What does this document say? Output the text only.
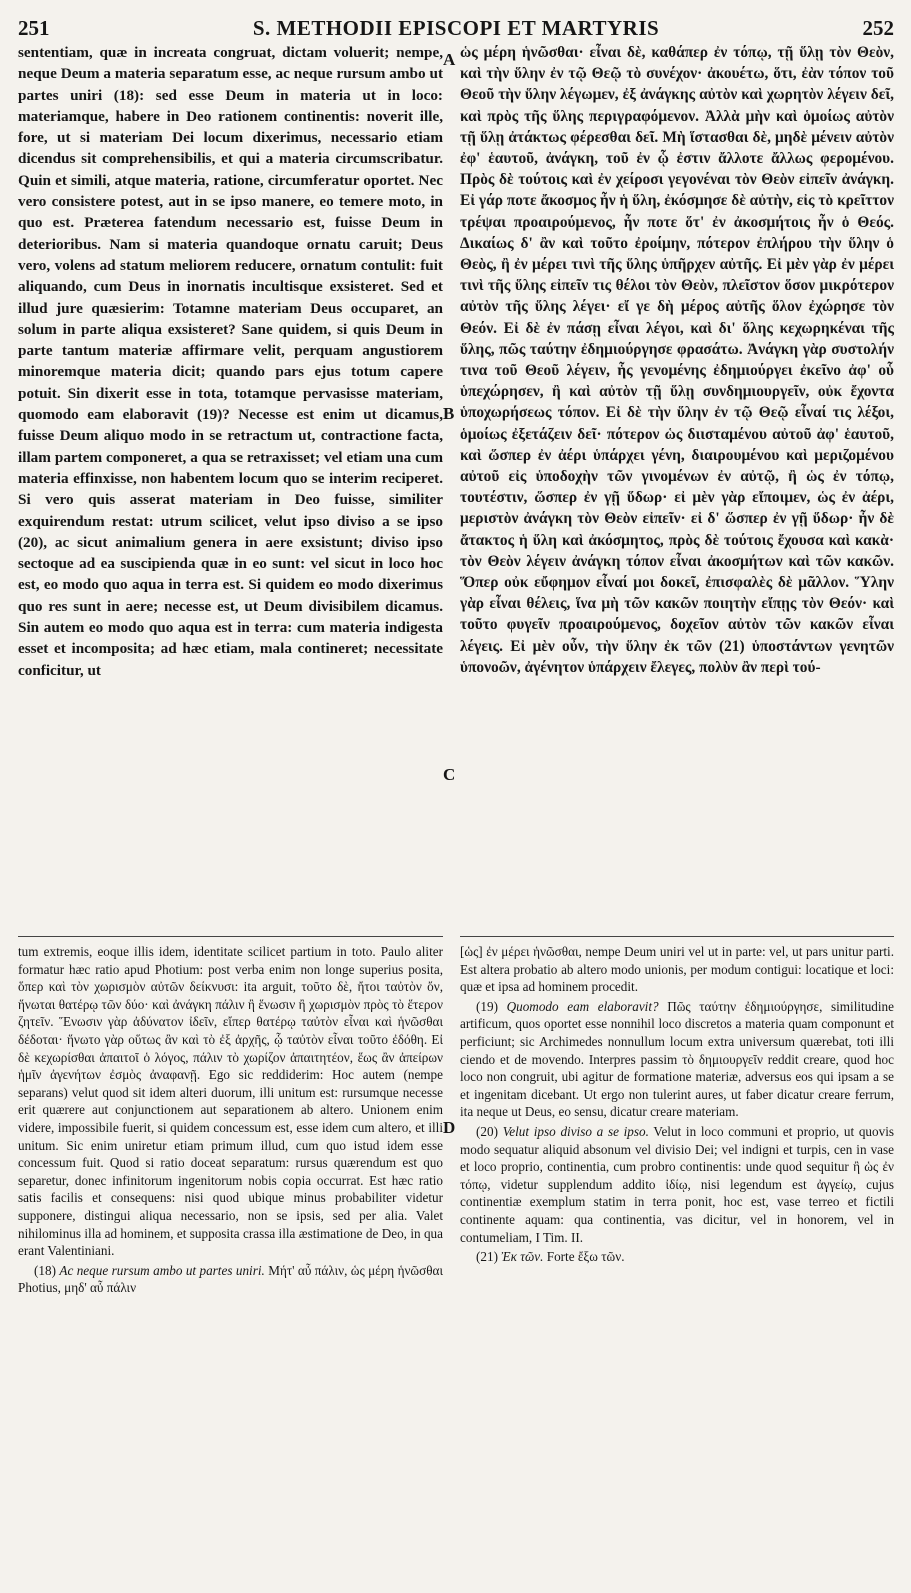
251	S. METHODII EPISCOPI ET MARTYRIS	252
A
B
C
D

sententiam, quæ in increata congruat, dictam voluerit; nempe, neque Deum a materia separatum esse, ac neque rursum ambo ut partes uniri (18): sed esse Deum in materia ut in loco: materiamque, habere in Deo rationem continentis: noverit ille, fore, ut si materiam Dei locum dixerimus, necessario etiam dicendus sit comprehensibilis, et qui a materia circumscribatur. Quin et simili, atque materia, ratione, circumferatur oportet. Nec vero consistere potest, aut in se ipso manere, eo temere moto, in quo est. Præterea fatendum necessario est, fuisse Deum in deterioribus. Nam si materia quandoque ornatu caruit; Deus vero, volens ad statum meliorem reducere, ornatum contulit: fuit aliquando, cum Deus in inornatis incultisque exsisteret. Sed et illud jure quæsierim: Totamne materiam Deus occuparet, an solum in parte aliqua exsisteret? Sane quidem, si quis Deum in parte tantum materiæ affirmare velit, perquam angustiorem minoremque materia dicit; quando pars ejus totum capere potuit. Sin dixerit esse in tota, totamque pervasisse materiam, quomodo eam elaboravit (19)? Necesse est enim ut dicamus, fuisse Deum aliquo modo in se retractum ut, contractione facta, illam partem componeret, a qua se retraxisset; vel etiam una cum materia effinxisse, non habentem locum quo se interim reciperet. Si vero quis asserat materiam in Deo fuisse, similiter exquirendum restat: utrum scilicet, velut ipso diviso a se ipso (20), ac sicut animalium genera in aere exsistunt; diviso ipso sectoque ad ea suscipienda quæ in eo sunt: vel sicut in loco hoc est, eo modo quo aqua in terra est. Si quidem eo modo dixerimus quo res sunt in aere; necesse est, ut Deum divisibilem dicamus. Sin autem eo modo quo aqua est in terra: cum materia indigesta esset et incomposita; ad hæc etiam, mala contineret; necessitate conficitur, ut

tum extremis, eoque illis idem, identitate scilicet partium in toto. Paulo aliter formatur hæc ratio apud Photium: post verba enim non longe superius posita, ὅπερ καὶ τὸν χωρισμὸν αὐτῶν δείκνυσι: ita arguit, τοῦτο δὲ, ἤτοι ταὐτὸν ὄν, ἥνωται θατέρῳ τῶν δύο· καὶ ἀνάγκη πάλιν ἢ ἕνωσιν ἢ χωρισμὸν πρὸς τὸ ἕτερον ζητεῖν. Ἕνωσιν γὰρ ἀδύνατον ἰδεῖν, εἴπερ θατέρῳ ταὐτὸν εἶναι καὶ ἡνῶσθαι δέδοται· ἥνωτο γὰρ οὕτως ἂν καὶ τὸ ἐξ ἀρχῆς, ᾧ ταὐτὸν εἶναι τοῦτο ἐδόθη. Εἰ δὲ κεχωρίσθαι ἀπαιτοῖ ὁ λόγος, πάλιν τὸ χωρίζον ἀπαιτητέον, ἕως ἂν ἀπείρων ἡμῖν ἀγενήτων ἐσμὸς ἀναφανῇ. Ego sic reddiderim: Hoc autem (nempe separans) velut quod sit idem alteri duorum, illi unitum est: rursumque necesse erit quærere aut conjunctionem aut separationem ab altero. Unionem enim videre, impossibile fuerit, si quidem concessum est, esse idem cum altero, et illi unitum. Sic enim uniretur etiam primum illud, cum quo istud idem esse concessum fuit. Quod si ratio doceat separatum: rursus quærendum est quo separetur, donec infinitorum ingenitorum nobis copia occurrat. Est hæc ratio satis facilis et consequens: nisi quod ubique minus probabiliter videtur supponere, distingui aliqua necessario, non se ipsis, sed per alia. Valet nihilominus illa ad hominem, et supposita crassa illa æstimatione de Deo, in qua erant Valentiniani.

(18) Ac neque rursum ambo ut partes uniri. Μήτ' αὖ πάλιν, ὡς μέρη ἡνῶσθαι Photius, μηδ' αὖ πάλιν

ὡς μέρη ἡνῶσθαι· εἶναι δὲ, καθάπερ ἐν τόπῳ, τῇ ὕλῃ τὸν Θεὸν, καὶ τὴν ὕλην ἐν τῷ Θεῷ τὸ συνέχον· ἀκουέτω, ὅτι, ἐὰν τόπον τοῦ Θεοῦ τὴν ὕλην λέγωμεν, ἐξ ἀνάγκης αὐτὸν καὶ χωρητὸν λέγειν δεῖ, καὶ πρὸς τῆς ὕλης περιγραφόμενον. Ἀλλὰ μὴν καὶ ὁμοίως αὐτὸν τῇ ὕλῃ ἀτάκτως φέρεσθαι δεῖ. Μὴ ἵστασθαι δὲ, μηδὲ μένειν αὐτὸν ἐφ' ἑαυτοῦ, ἀνάγκη, τοῦ ἐν ᾧ ἐστιν ἄλλοτε ἄλλως φερομένου. Πρὸς δὲ τούτοις καὶ ἐν χείροσι γεγονέναι τὸν Θεὸν εἰπεῖν ἀνάγκη. Εἰ γάρ ποτε ἄκοσμος ἦν ἡ ὕλη, ἐκόσμησε δὲ αὐτὴν, εἰς τὸ κρεῖττον τρέψαι προαιρούμενος, ἦν ποτε ὅτ' ἐν ἀκοσμήτοις ἦν ὁ Θεός. Δικαίως δ' ἂν καὶ τοῦτο ἐροίμην, πότερον ἐπλήρου τὴν ὕλην ὁ Θεὸς, ἢ ἐν μέρει τινὶ τῆς ὕλης ὑπῆρχεν αὐτῆς. Εἰ μὲν γὰρ ἐν μέρει τινὶ τῆς ὕλης εἰπεῖν τις θέλοι τὸν Θεὸν, πλεῖστον ὅσον μικρότερον αὐτὸν τῆς ὕλης λέγει· εἴ γε δὴ μέρος αὐτῆς ὅλον ἐχώρησε τὸν Θεόν. Εἰ δὲ ἐν πάσῃ εἶναι λέγοι, καὶ δι' ὅλης κεχωρηκέναι τῆς ὕλης, πῶς ταύτην ἐδημιούργησε φρασάτω. Ἀνάγκη γὰρ συστολήν τινα τοῦ Θεοῦ λέγειν, ἧς γενομένης ἐδημιούργει ἐκεῖνο ἀφ' οὗ ὑπεχώρησεν, ἢ καὶ αὐτὸν τῇ ὕλῃ συνδημιουργεῖν, οὐκ ἔχοντα ὑποχωρήσεως τόπον. Εἰ δὲ τὴν ὕλην ἐν τῷ Θεῷ εἶναί τις λέξοι, ὁμοίως ἐξετάζειν δεῖ· πότερον ὡς διισταμένου αὐτοῦ ἀφ' ἑαυτοῦ, καὶ ὥσπερ ἐν ἀέρι ὑπάρχει γένη, διαιρουμένου καὶ μεριζομένου αὐτοῦ εἰς ὑποδοχὴν τῶν γινομένων ἐν αὐτῷ, ἢ ὡς ἐν τόπῳ, τουτέστιν, ὥσπερ ἐν γῇ ὕδωρ· εἰ μὲν γὰρ εἴποιμεν, ὡς ἐν ἀέρι, μεριστὸν ἀνάγκη τὸν Θεὸν εἰπεῖν· εἰ δ' ὥσπερ ἐν γῇ ὕδωρ· ἦν δὲ ἄτακτος ἡ ὕλη καὶ ἀκόσμητος, πρὸς δὲ τούτοις ἔχουσα καὶ κακὰ· τὸν Θεὸν λέγειν ἀνάγκη τόπον εἶναι ἀκοσμήτων καὶ τῶν κακῶν. Ὅπερ οὐκ εὔφημον εἶναί μοι δοκεῖ, ἐπισφαλὲς δὲ μᾶλλον. Ὕλην γὰρ εἶναι θέλεις, ἵνα μὴ τῶν κακῶν ποιητὴν εἴπῃς τὸν Θεόν· καὶ τοῦτο φυγεῖν προαιρούμενος, δοχεῖον αὐτὸν τῶν κακῶν εἶναι λέγεις. Εἰ μὲν οὖν, τὴν ὕλην ἐκ τῶν (21) ὑποστάντων γενητῶν ὑπονοῶν, ἀγένητον ὑπάρχειν ἔλεγες, πολὺν ἂν περὶ τού-

[ὡς] ἐν μέρει ἡνῶσθαι, nempe Deum uniri vel ut in parte: vel, ut pars unitur parti. Est altera probatio ab altero modo unionis, per modum contigui: locatique et loci: quæ et ipsa ad hominem procedit.

(19) Quomodo eam elaboravit? Πῶς ταύτην ἐδημιούργησε, similitudine artificum, quos oportet esse nonnihil loco discretos a materia quam componunt et perficiunt; sic Archimedes nonnullum locum extra universum quærebat, toti illi ciendo et de movendo. Interpres passim τὸ δημιουργεῖν reddit creare, quod hoc loco non congruit, ubi agitur de formatione materiæ, adversus eos qui ipsam a se et ingenitam dicebant. Ut ergo non tulerint aures, ut faber dicatur creare ferrum, ita neque ut Deus, eo sensu, dicatur creare materiam.

(20) Velut ipso diviso a se ipso. Velut in loco communi et proprio, ut quovis modo sequatur aliquid absonum vel divisio Dei; vel indigni et turpis, cen in vase et loco proprio, continentia, cum probro continentis: unde quod sequitur ἢ ὡς ἐν τόπῳ, videtur supplendum addito ἰδίῳ, nisi legendum est ἀγγείῳ, cujus continentiæ exemplum statim in terra ponit, hoc est, vase terreo et fictili continente aquam: qua continentia, vas dicitur, vel in honorem, vel in contumeliam, I Tim. II.

(21) Ἐκ τῶν. Forte ἔξω τῶν.
